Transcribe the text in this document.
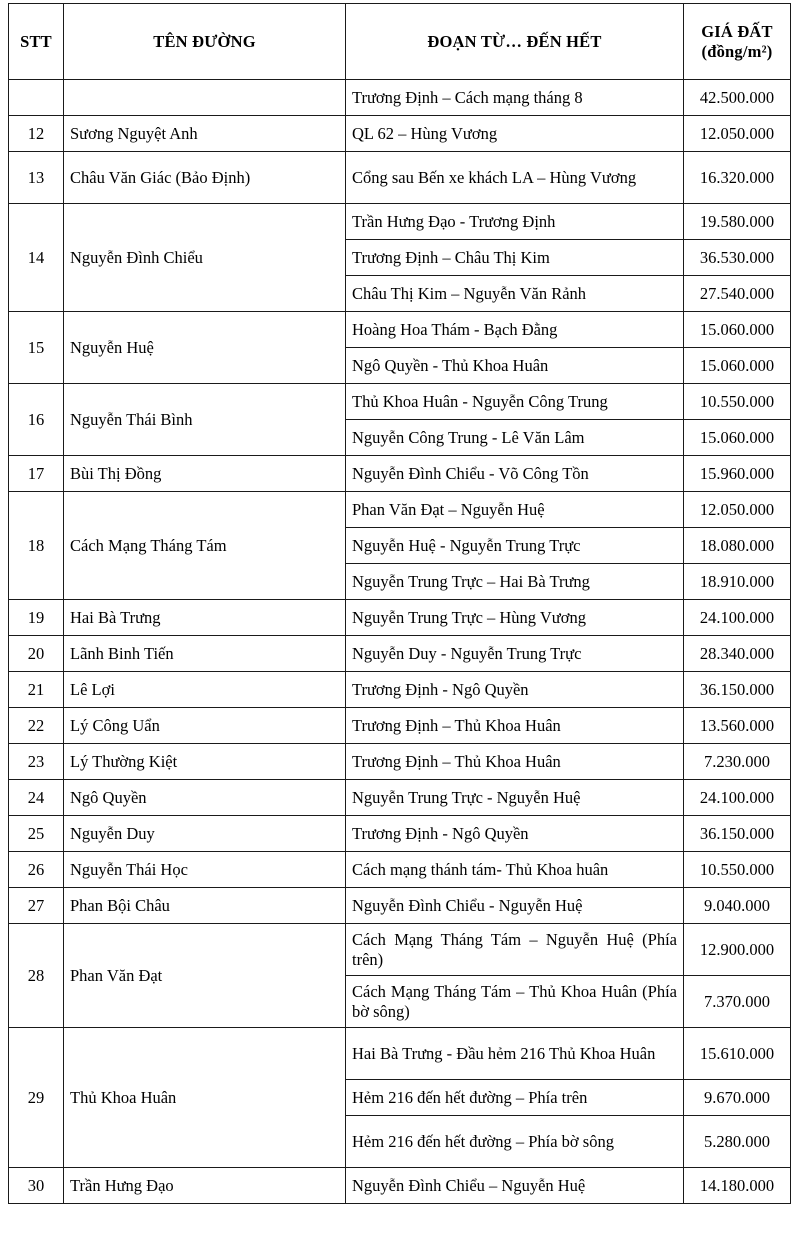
STT	TÊN ĐƯỜNG	ĐOẠN TỪ… ĐẾN HẾT	GIÁ ĐẤT
(đồng/m²)

		Trương Định – Cách mạng tháng 8	42.500.000
12	Sương Nguyệt Anh	QL 62 – Hùng Vương	12.050.000
13	Châu Văn Giác (Bảo Định)	Cổng sau Bến xe khách LA – Hùng Vương	16.320.000
14	Nguyễn Đình Chiểu	Trần Hưng Đạo - Trương Định	19.580.000
		Trương Định – Châu Thị Kim	36.530.000
		Châu Thị Kim – Nguyễn Văn Rảnh	27.540.000
15	Nguyễn Huệ	Hoàng Hoa Thám - Bạch Đằng	15.060.000
		Ngô Quyền - Thủ Khoa Huân	15.060.000
16	Nguyễn Thái Bình	Thủ Khoa Huân - Nguyễn Công Trung	10.550.000
		Nguyễn Công Trung - Lê Văn Lâm	15.060.000
17	Bùi Thị Đồng	Nguyễn Đình Chiểu - Võ Công Tồn	15.960.000
18	Cách Mạng Tháng Tám	Phan Văn Đạt – Nguyễn Huệ	12.050.000
		Nguyễn Huệ - Nguyễn Trung Trực	18.080.000
		Nguyễn Trung Trực – Hai Bà Trưng	18.910.000
19	Hai Bà Trưng	Nguyễn Trung Trực – Hùng Vương	24.100.000
20	Lãnh Binh Tiến	Nguyễn Duy - Nguyễn Trung Trực	28.340.000
21	Lê Lợi	Trương Định - Ngô Quyền	36.150.000
22	Lý Công Uẩn	Trương Định – Thủ Khoa Huân	13.560.000
23	Lý Thường Kiệt	Trương Định – Thủ Khoa Huân	7.230.000
24	Ngô Quyền	Nguyễn Trung Trực - Nguyễn Huệ	24.100.000
25	Nguyễn Duy	Trương Định - Ngô Quyền	36.150.000
26	Nguyễn Thái Học	Cách mạng thánh tám- Thủ Khoa huân	10.550.000
27	Phan Bội Châu	Nguyễn Đình Chiểu - Nguyễn Huệ	9.040.000
28	Phan Văn Đạt	Cách Mạng Tháng Tám – Nguyễn Huệ (Phía trên)	12.900.000
		Cách Mạng Tháng Tám – Thủ Khoa Huân (Phía bờ sông)	7.370.000
29	Thủ Khoa Huân	Hai Bà Trưng - Đầu hẻm 216 Thủ Khoa Huân	15.610.000
		Hẻm 216 đến hết đường – Phía trên	9.670.000
		Hẻm 216 đến hết đường – Phía bờ sông	5.280.000
30	Trần Hưng Đạo	Nguyễn Đình Chiểu – Nguyễn Huệ	14.180.000
